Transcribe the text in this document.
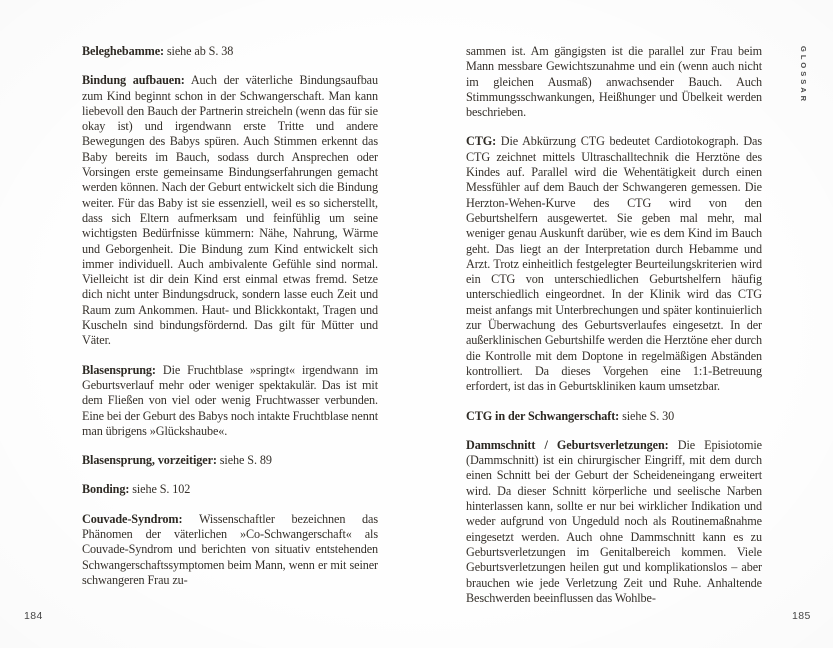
Beleghebamme: siehe ab S. 38

Bindung aufbauen: Auch der väterliche Bindungsaufbau zum Kind beginnt schon in der Schwangerschaft. Man kann liebevoll den Bauch der Partnerin streicheln (wenn das für sie okay ist) und irgendwann erste Tritte und andere Bewegungen des Babys spüren. Auch Stimmen erkennt das Baby bereits im Bauch, sodass durch Ansprechen oder Vorsingen erste gemeinsame Bindungserfahrungen gemacht werden können. Nach der Geburt entwickelt sich die Bindung weiter. Für das Baby ist sie essenziell, weil es so sicherstellt, dass sich Eltern aufmerksam und feinfühlig um seine wichtigsten Bedürfnisse kümmern: Nähe, Nahrung, Wärme und Geborgenheit. Die Bindung zum Kind entwickelt sich immer individuell. Auch ambivalente Gefühle sind normal. Vielleicht ist dir dein Kind erst einmal etwas fremd. Setze dich nicht unter Bindungsdruck, sondern lasse euch Zeit und Raum zum Ankommen. Haut- und Blickkontakt, Tragen und Kuscheln sind bindungsfördernd. Das gilt für Mütter und Väter.

Blasensprung: Die Fruchtblase »springt« irgendwann im Geburtsverlauf mehr oder weniger spektakulär. Das ist mit dem Fließen von viel oder wenig Fruchtwasser verbunden. Eine bei der Geburt des Babys noch intakte Fruchtblase nennt man übrigens »Glückshaube«.

Blasensprung, vorzeitiger: siehe S. 89

Bonding: siehe S. 102

Couvade-Syndrom: Wissenschaftler bezeichnen das Phänomen der väterlichen »Co-Schwangerschaft« als Couvade-Syndrom und berichten von situativ entstehenden Schwangerschaftssymptomen beim Mann, wenn er mit seiner schwangeren Frau zu-

sammen ist. Am gängigsten ist die parallel zur Frau beim Mann messbare Gewichtszunahme und ein (wenn auch nicht im gleichen Ausmaß) anwachsender Bauch. Auch Stimmungsschwankungen, Heißhunger und Übelkeit werden beschrieben.

CTG: Die Abkürzung CTG bedeutet Cardiotokograph. Das CTG zeichnet mittels Ultraschalltechnik die Herztöne des Kindes auf. Parallel wird die Wehentätigkeit durch einen Messfühler auf dem Bauch der Schwangeren gemessen. Die Herzton-Wehen-Kurve des CTG wird von den Geburtshelfern ausgewertet. Sie geben mal mehr, mal weniger genau Auskunft darüber, wie es dem Kind im Bauch geht. Das liegt an der Interpretation durch Hebamme und Arzt. Trotz einheitlich festgelegter Beurteilungskriterien wird ein CTG von unterschiedlichen Geburtshelfern häufig unterschiedlich eingeordnet. In der Klinik wird das CTG meist anfangs mit Unterbrechungen und später kontinuierlich zur Überwachung des Geburtsverlaufes eingesetzt. In der außerklinischen Geburtshilfe werden die Herztöne eher durch die Kontrolle mit dem Doptone in regelmäßigen Abständen kontrolliert. Da dieses Vorgehen eine 1:1-Betreuung erfordert, ist das in Geburtskliniken kaum umsetzbar.

CTG in der Schwangerschaft: siehe S. 30

Dammschnitt / Geburtsverletzungen: Die Episiotomie (Dammschnitt) ist ein chirurgischer Eingriff, mit dem durch einen Schnitt bei der Geburt der Scheideneingang erweitert wird. Da dieser Schnitt körperliche und seelische Narben hinterlassen kann, sollte er nur bei wirklicher Indikation und weder aufgrund von Ungeduld noch als Routinemaßnahme eingesetzt werden. Auch ohne Dammschnitt kann es zu Geburtsverletzungen im Genitalbereich kommen. Viele Geburtsverletzungen heilen gut und komplikationslos – aber brauchen wie jede Verletzung Zeit und Ruhe. Anhaltende Beschwerden beeinflussen das Wohlbe-

GLOSSAR
184	185
